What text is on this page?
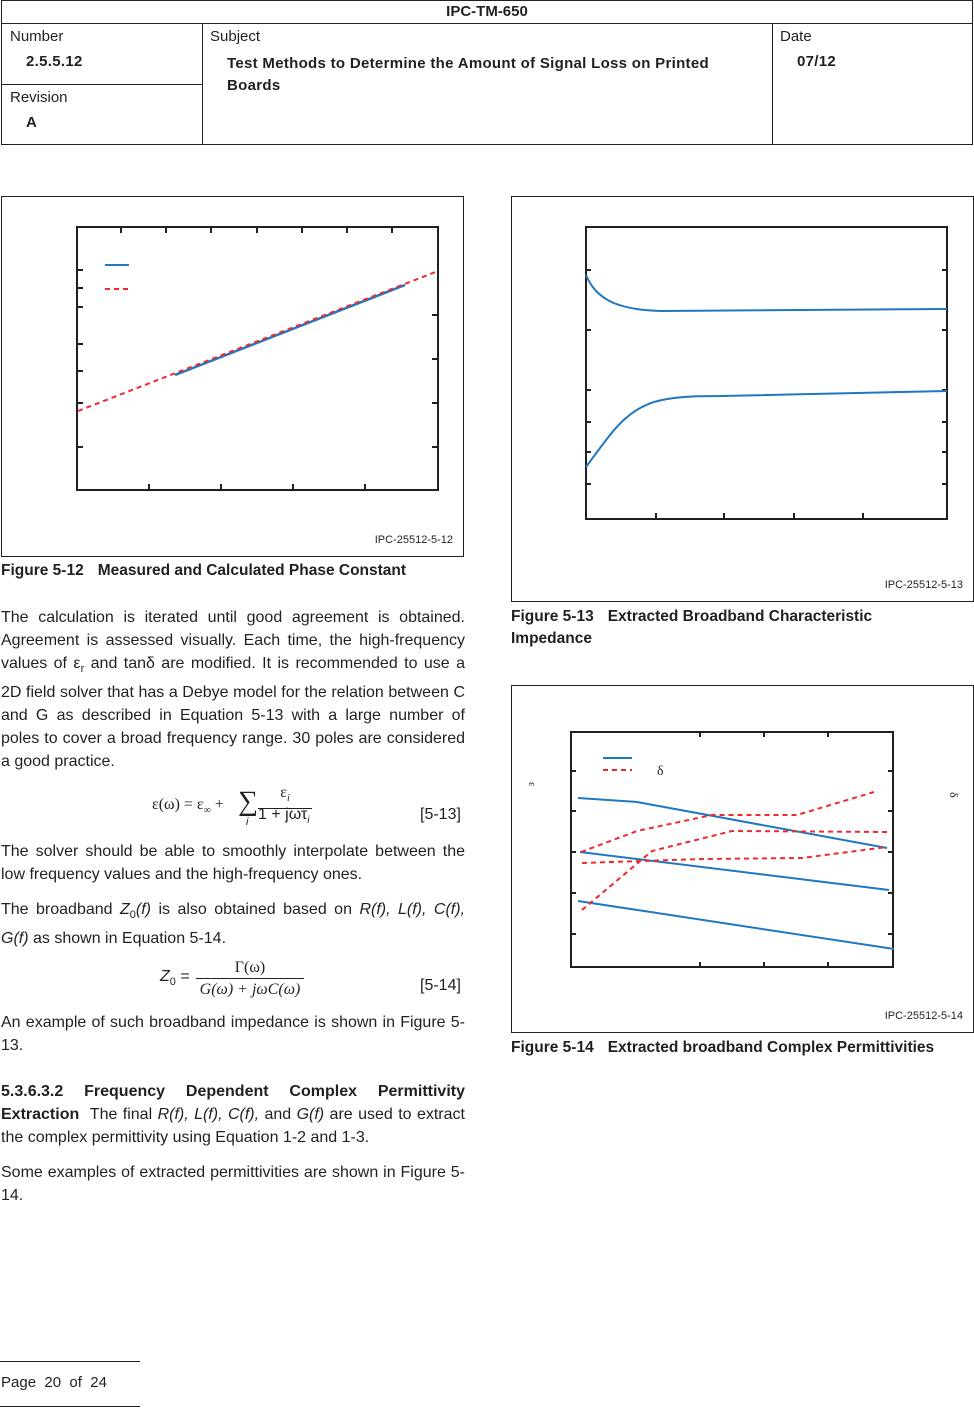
IPC-TM-650
Number
2.5.5.12
Revision
A
Subject
Test Methods to Determine the Amount of Signal Loss on Printed Boards
Date
07/12
IPC-25512-5-12
Figure 5-12 Measured and Calculated Phase Constant
IPC-25512-5-13
Figure 5-13 Extracted Broadband Characteristic Impedance
δ
ε
δ
IPC-25512-5-14
Figure 5-14 Extracted broadband Complex Permittivities
The calculation is iterated until good agreement is obtained. Agreement is assessed visually. Each time, the high-frequency values of $\varepsilon_r$ and tanδ are modified. It is recommended to use a 2D field solver that has a Debye model for the relation between C and G as described in Equation 5-13 with a large number of poles to cover a broad frequency range. 30 poles are considered a good practice.
$\varepsilon(\omega) = \varepsilon_\infty$ + ∑
i
$\varepsilon_i$
1 + jωτ$_i$	[5-13]
The solver should be able to smoothly interpolate between the low frequency values and the high-frequency ones.
The broadband $Z_0(f)$ is also obtained based on R(f), L(f), C(f), G(f) as shown in Equation 5-14.
$Z_0$ =
Γ(ω)
G(ω) + jωC(ω)	[5-14]
An example of such broadband impedance is shown in Figure 5-13.
5.3.6.3.2 Frequency Dependent Complex Permittivity Extraction  The final R(f), L(f), C(f), and G(f) are used to extract the complex permittivity using Equation 1-2 and 1-3.
Some examples of extracted permittivities are shown in Figure 5-14.
Page  20  of  24
